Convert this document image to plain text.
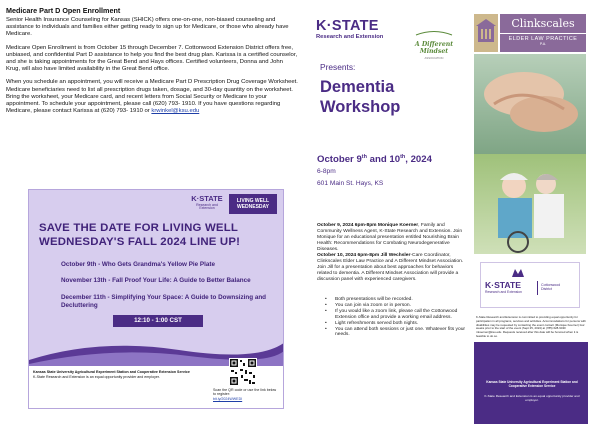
Medicare Part D Open Enrollment

Senior Health Insurance Counseling for Kansas (SHICK) offers one-on-one, non-biased counseling and assistance to individuals and families either getting ready to sign up for Medicare, or those who already have Medicare.

Medicare Open Enrollment is from October 15 through December 7. Cottonwood Extension District offers free, unbiased, and confidential Part D assistance to help you find the best drug plan. Karissa is a certified counselor, and she is taking appointments for the Great Bend and Hays offices. Certified volunteers, Donna and John Krug, will also have limited availability in the Great Bend office.

When you schedule an appointment, you will receive a Medicare Part D Prescription Drug Coverage Worksheet. Medicare beneficiaries need to list all prescription drugs taken, dosage, and 30-day quantity on the worksheet. Bring the worksheet, your Medicare card, and recent letters from Social Security or Medicare to your appointment. To schedule your appointment, please call (620) 793- 1910. If you have questions regarding Medicare, please contact Karissa at (620) 793- 1910 or krwinkel@ksu.edu

K·STATE
Research and Extension
LIVING WELL
WEDNESDAY
SAVE THE DATE FOR LIVING WELL WEDNESDAY'S FALL 2024 LINE UP!
October 9th - Who Gets Grandma's Yellow Pie Plate
November 13th - Fall Proof Your Life: A Guide to Better Balance
December 11th - Simplifying Your Space: A Guide to Downsizing and Decluttering
12:10 - 1:00 CST
Kansas State University Agricultural Experiment Station and Cooperative Extension Service
K-State Research and Extension is an equal opportunity provider and employer.
Scan the QR code or use the link below to register:
bit.ly/2024WWEDI
K·STATE
Research and Extension
A Different Mindset
ASSOCIATION
Presents:
Dementia
Workshop
October 9th and 10th, 2024
6-8pm
601 Main St. Hays, KS
October 9, 2024 6pm-8pm Monique Koerner, Family and Community Wellness Agent, K-State Research and Extension. Join Monique for an educational presentation entitled Nourishing Brain Health: Recommendations for Combating Neurodegenerative Diseases.
October 10, 2024 6pm-8pm Jill Wechsler-Care Coordinator, Clinkscales Elder Law Practice and A Different Mindset Association. Join Jill for a presentation about best approaches for behaviors related to dementia. A Different Mindset Association will provide a discussion panel with experienced caregivers.
• Both presentations will be recorded.
• You can join via zoom or in person.
• If you would like a zoom link, please call the Cottonwood Extension office and provide a working email address.
• Light refreshments served both nights.
• You can attend both sessions or just one. Whatever fits your needs.
Clinkscales
ELDER LAW PRACTICE
P.A.
K·STATE
Research and Extension
Cottonwood
District
K-State Research and Extension is committed to providing equal opportunity for participation in all programs, services and activities. Accommodations for persons with disabilities may be requested by contacting the event contact (Monique Koerner) four weeks prior to the start of the event (Sept 25, 2024) at (785) 628-9430 mkoerner@ksu.edu. Requests received after this date will be honored when it is feasible to do so.
Kansas State University Agricultural Experiment Station and Cooperative Extension Service
K-State Research and Extension is an equal opportunity provider and employer.
